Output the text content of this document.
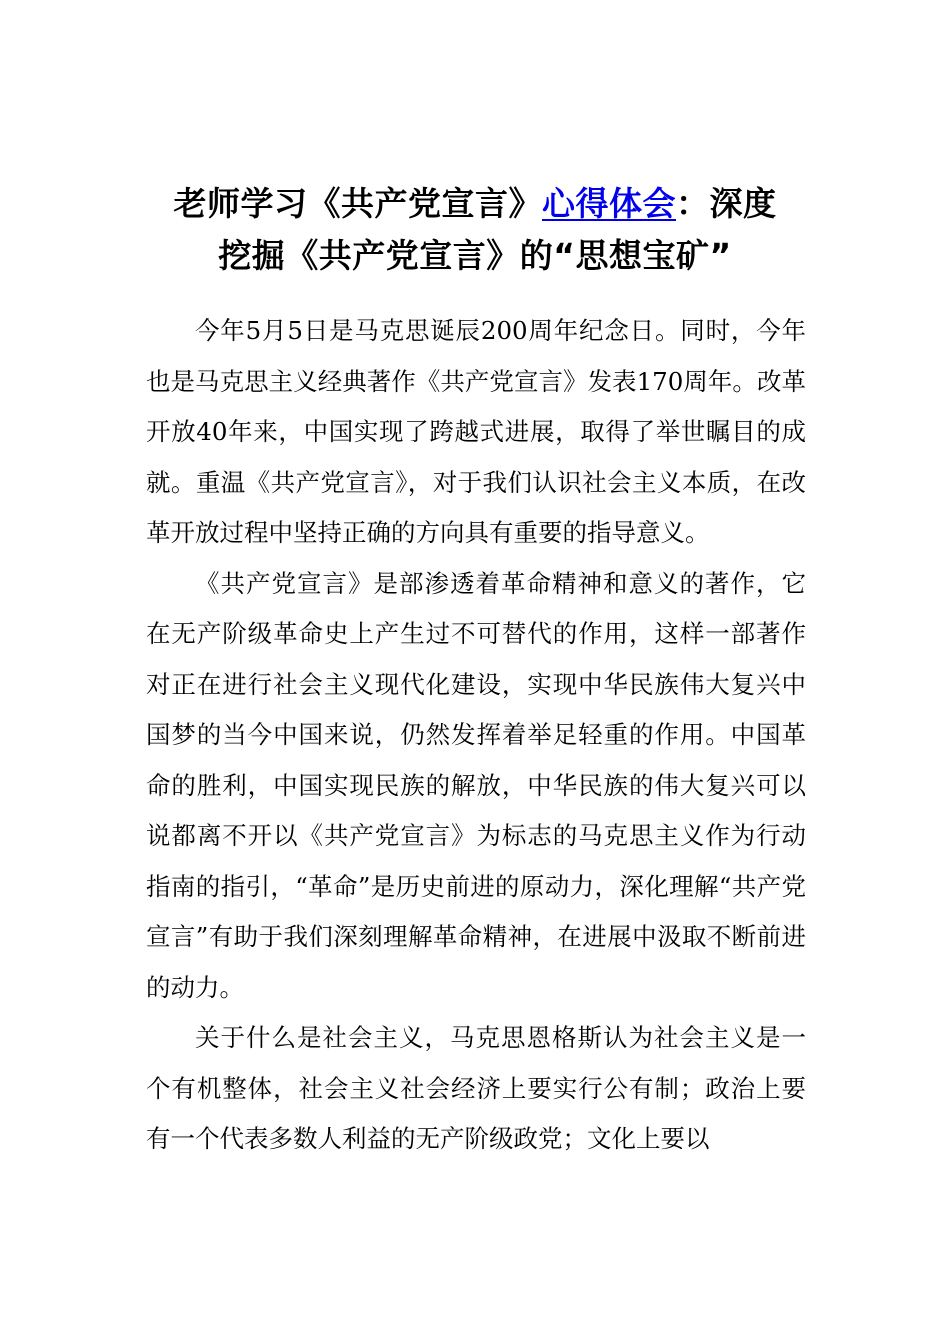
老师学习《共产党宣言》心得体会：深度
挖掘《共产党宣言》的“思想宝矿”

今年5月5日是马克思诞辰200周年纪念日。同时，今年也是马克思主义经典著作《共产党宣言》发表170周年。改革开放40年来，中国实现了跨越式进展，取得了举世瞩目的成就。重温《共产党宣言》，对于我们认识社会主义本质，在改革开放过程中坚持正确的方向具有重要的指导意义。

《共产党宣言》是部渗透着革命精神和意义的著作，它在无产阶级革命史上产生过不可替代的作用，这样一部著作对正在进行社会主义现代化建设，实现中华民族伟大复兴中国梦的当今中国来说，仍然发挥着举足轻重的作用。中国革命的胜利，中国实现民族的解放，中华民族的伟大复兴可以说都离不开以《共产党宣言》为标志的马克思主义作为行动指南的指引，“革命”是历史前进的原动力，深化理解“共产党宣言”有助于我们深刻理解革命精神，在进展中汲取不断前进的动力。

关于什么是社会主义，马克思恩格斯认为社会主义是一个有机整体，社会主义社会经济上要实行公有制；政治上要有一个代表多数人利益的无产阶级政党；文化上要以
